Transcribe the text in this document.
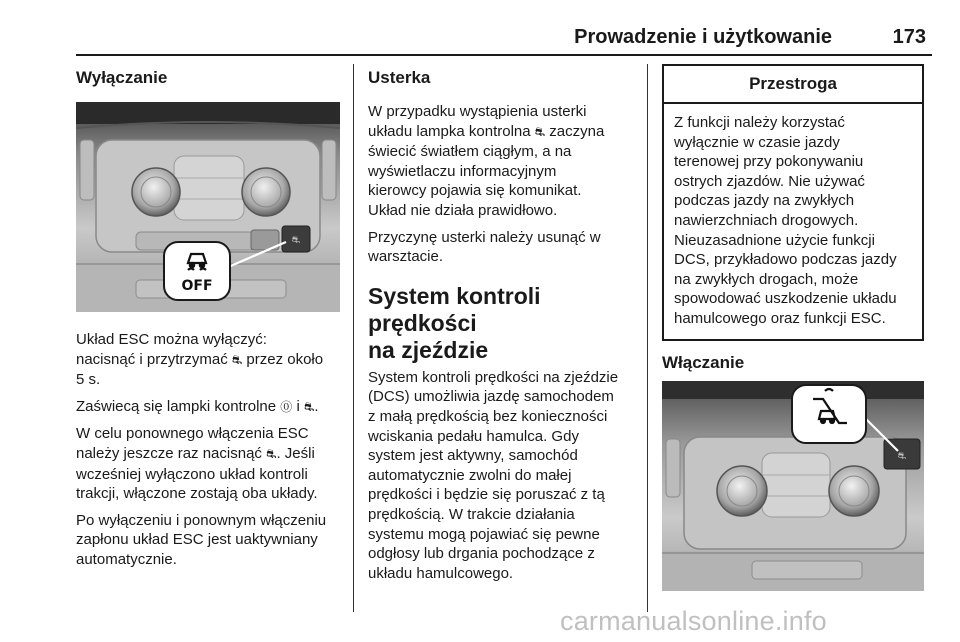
Prowadzenie i użytkowanie	173
Wyłączanie
⛐
OFF

Układ ESC można wyłączyć:
nacisnąć i przytrzymać ⛐ przez około
5 s.

Zaświecą się lampki kontrolne ⓪ i ⛐.

W celu ponownego włączenia ESC
należy jeszcze raz nacisnąć ⛐. Jeśli
wcześniej wyłączono układ kontroli
trakcji, włączone zostają oba układy.

Po wyłączeniu i ponownym włączeniu
zapłonu układ ESC jest uaktywniany
automatycznie.

Usterka

W przypadku wystąpienia usterki
układu lampka kontrolna ⛐ zaczyna
świecić światłem ciągłym, a na
wyświetlaczu informacyjnym
kierowcy pojawia się komunikat.
Układ nie działa prawidłowo.

Przyczynę usterki należy usunąć w
warsztacie.

System kontroli prędkości
na zjeździe

System kontroli prędkości na zjeździe
(DCS) umożliwia jazdę samochodem
z małą prędkością bez konieczności
wciskania pedału hamulca. Gdy
system jest aktywny, samochód
automatycznie zwolni do małej
prędkości i będzie się poruszać z tą
prędkością. W trakcie działania
systemu mogą pojawiać się pewne
odgłosy lub drgania pochodzące z
układu hamulcowego.

Przestroga
Z funkcji należy korzystać
wyłącznie w czasie jazdy
terenowej przy pokonywaniu
ostrych zjazdów. Nie używać
podczas jazdy na zwykłych
nawierzchniach drogowych.
Nieuzasadnione użycie funkcji
DCS, przykładowo podczas jazdy
na zwykłych drogach, może
spowodować uszkodzenie układu
hamulcowego oraz funkcji ESC.
Włączanie
⛐
carmanualsonline.info
